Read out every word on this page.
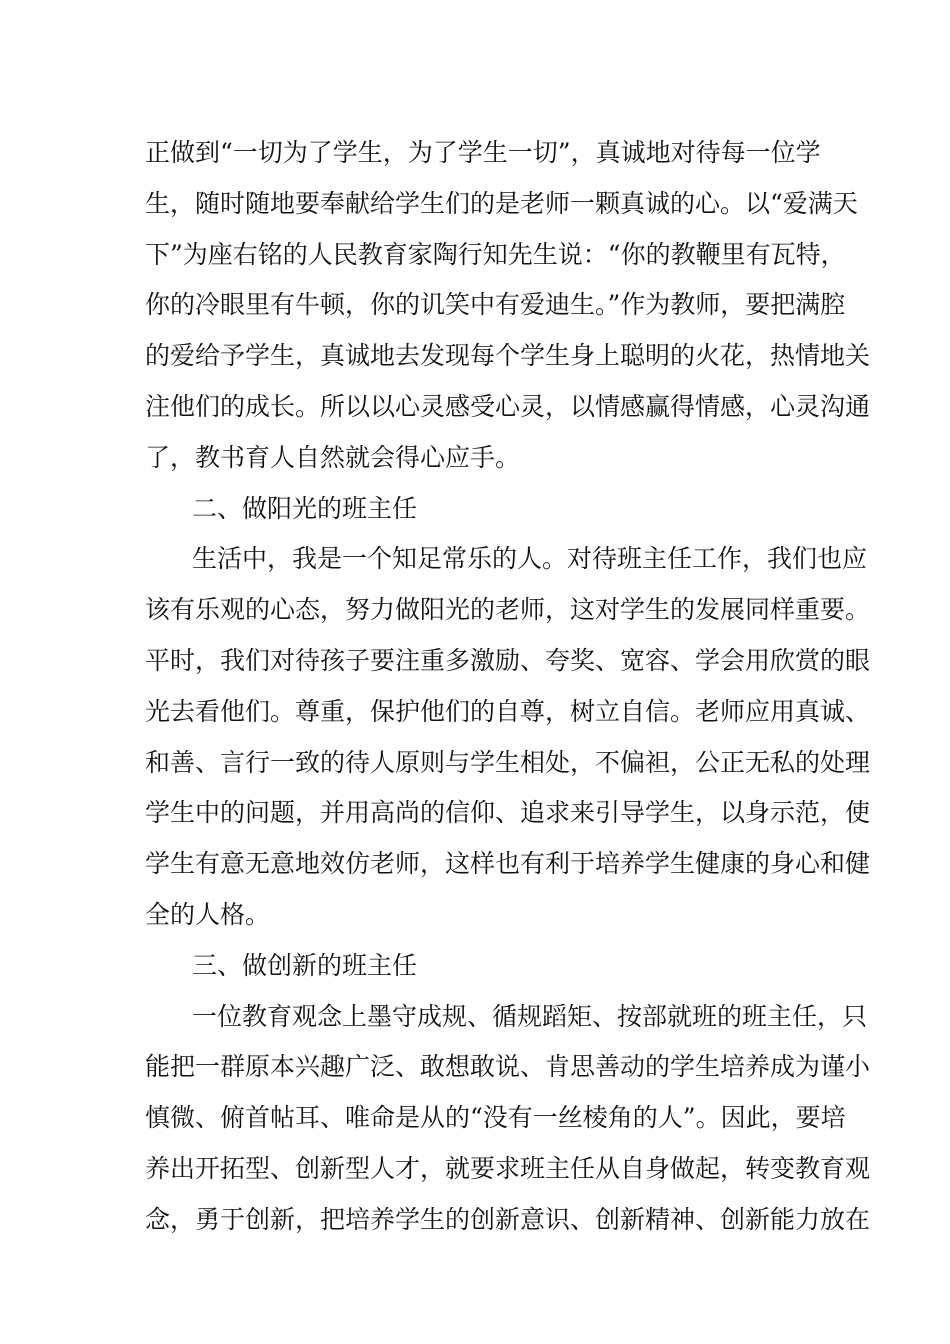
正做到“一切为了学生，为了学生一切”，真诚地对待每一位学
生，随时随地要奉献给学生们的是老师一颗真诚的心。以“爱满天
下”为座右铭的人民教育家陶行知先生说：“你的教鞭里有瓦特，
你的冷眼里有牛顿，你的讥笑中有爱迪生。”作为教师，要把满腔
的爱给予学生，真诚地去发现每个学生身上聪明的火花，热情地关
注他们的成长。所以以心灵感受心灵，以情感赢得情感，心灵沟通
了，教书育人自然就会得心应手。
二、做阳光的班主任
生活中，我是一个知足常乐的人。对待班主任工作，我们也应
该有乐观的心态，努力做阳光的老师，这对学生的发展同样重要。
平时，我们对待孩子要注重多激励、夸奖、宽容、学会用欣赏的眼
光去看他们。尊重，保护他们的自尊，树立自信。老师应用真诚、
和善、言行一致的待人原则与学生相处，不偏袒，公正无私的处理
学生中的问题，并用高尚的信仰、追求来引导学生，以身示范，使
学生有意无意地效仿老师，这样也有利于培养学生健康的身心和健
全的人格。
三、做创新的班主任
一位教育观念上墨守成规、循规蹈矩、按部就班的班主任，只
能把一群原本兴趣广泛、敢想敢说、肯思善动的学生培养成为谨小
慎微、俯首帖耳、唯命是从的“没有一丝棱角的人”。因此，要培
养出开拓型、创新型人才，就要求班主任从自身做起，转变教育观
念，勇于创新，把培养学生的创新意识、创新精神、创新能力放在
